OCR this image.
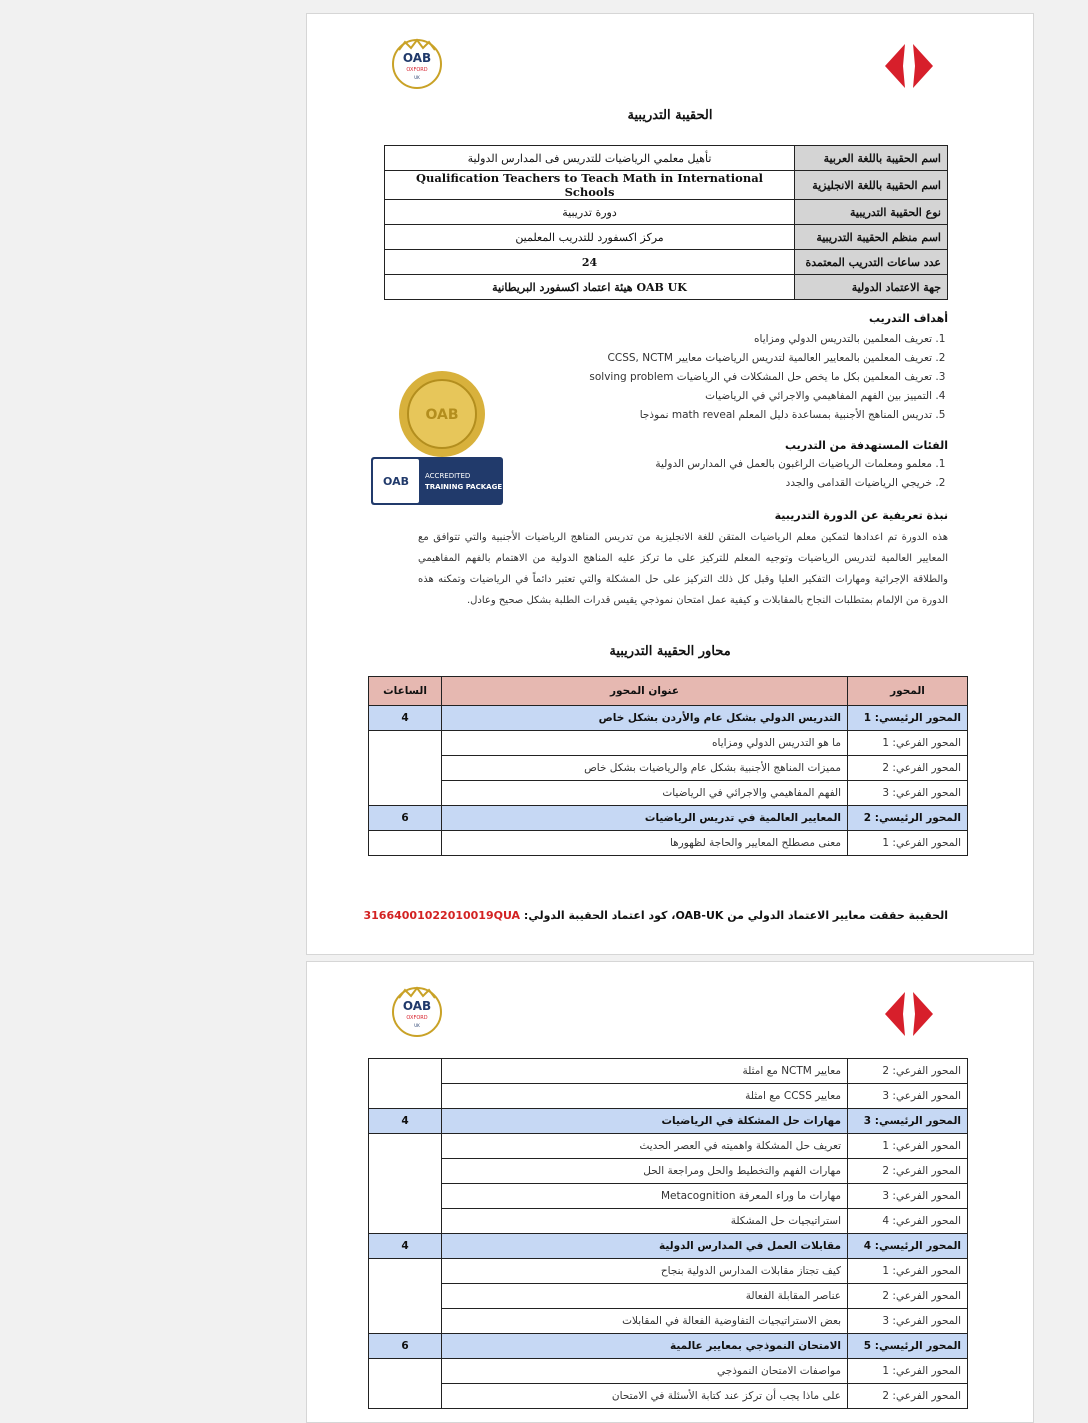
OAB
OXFORD
UK
الحقيبة التدريبية
تأهيل معلمي الرياضيات للتدريس فى المدارس الدولية	اسم الحقيبة باللغة العربية
Qualification Teachers to Teach Math in International Schools	اسم الحقيبة باللغة الانجليزية
دورة تدريبية	نوع الحقيبة التدريبية
مركز اكسفورد للتدريب المعلمين	اسم منظم الحقيبة التدريبية
24	عدد ساعات التدريب المعتمدة
هيئة اعتماد اكسفورد البريطانية OAB UK	جهة الاعتماد الدولية
أهداف التدريب
1. تعريف المعلمين بالتدريس الدولي ومزاياه
2. تعريف المعلمين بالمعايير العالمية لتدريس الرياضيات معايير CCSS, NCTM
3. تعريف المعلمين بكل ما يخص حل المشكلات في الرياضيات solving problem
4. التمييز بين الفهم المفاهيمي والاجرائي في الرياضيات
5. تدريس المناهج الأجنبية بمساعدة دليل المعلم math reveal نموذجا
OAB
OAB ACCREDITED
TRAINING PACKAGE
الفئات المستهدفة من التدريب
1. معلمو ومعلمات الرياضيات الراغبون بالعمل في المدارس الدولية
2. خريجي الرياضيات القدامى والجدد
نبذة تعريفية عن الدورة التدريبية
هذه الدورة تم اعدادها لتمكين معلم الرياضيات المتقن للغة الانجليزية من تدريس المناهج الرياضيات الأجنبية والتي تتوافق مع المعايير العالمية لتدريس الرياضيات وتوجيه المعلم للتركيز على ما تركز عليه المناهج الدولية من الاهتمام بالفهم المفاهيمي والطلاقة الإجرائية ومهارات التفكير العليا وقبل كل ذلك التركيز على حل المشكلة والتي تعتبر دائماً في الرياضيات وتمكنه هذه الدورة من الإلمام بمتطلبات النجاح بالمقابلات و كيفية عمل امتحان نموذجي يقيس قدرات الطلبة بشكل صحيح وعادل.
محاور الحقيبة التدريبية
المحور	عنوان المحور	الساعات
المحور الرئيسي: 1	التدريس الدولي بشكل عام والأردن بشكل خاص	4
المحور الفرعي: 1	ما هو التدريس الدولي ومزاياه	
المحور الفرعي: 2	مميزات المناهج الأجنبية بشكل عام والرياضيات بشكل خاص	
المحور الفرعي: 3	الفهم المفاهيمي والاجرائي في الرياضيات	
المحور الرئيسي: 2	المعايير العالمية في تدريس الرياضيات	6
المحور الفرعي: 1	معنى مصطلح المعايير والحاجة لظهورها	
الحقيبة حققت معايير الاعتماد الدولي من OAB-UK، كود اعتماد الحقيبة الدولي: 31664001022010019QUA
OAB
OXFORD
UK
المحور الفرعي: 2	معايير NCTM مع امثلة	
المحور الفرعي: 3	معايير CCSS مع امثلة	
المحور الرئيسي: 3	مهارات حل المشكلة في الرياضيات	4
المحور الفرعي: 1	تعريف حل المشكلة واهميته في العصر الحديث	
المحور الفرعي: 2	مهارات الفهم والتخطيط والحل ومراجعة الحل	
المحور الفرعي: 3	مهارات ما وراء المعرفة Metacognition	
المحور الفرعي: 4	استراتيجيات حل المشكلة	
المحور الرئيسي: 4	مقابلات العمل في المدارس الدولية	4
المحور الفرعي: 1	كيف تجتاز مقابلات المدارس الدولية بنجاح	
المحور الفرعي: 2	عناصر المقابلة الفعالة	
المحور الفرعي: 3	بعض الاستراتيجيات التفاوضية الفعالة في المقابلات	
المحور الرئيسي: 5	الامتحان النموذجي بمعايير عالمية	6
المحور الفرعي: 1	مواصفات الامتحان النموذجي	
المحور الفرعي: 2	على ماذا يجب أن تركز عند كتابة الأسئلة في الامتحان	
